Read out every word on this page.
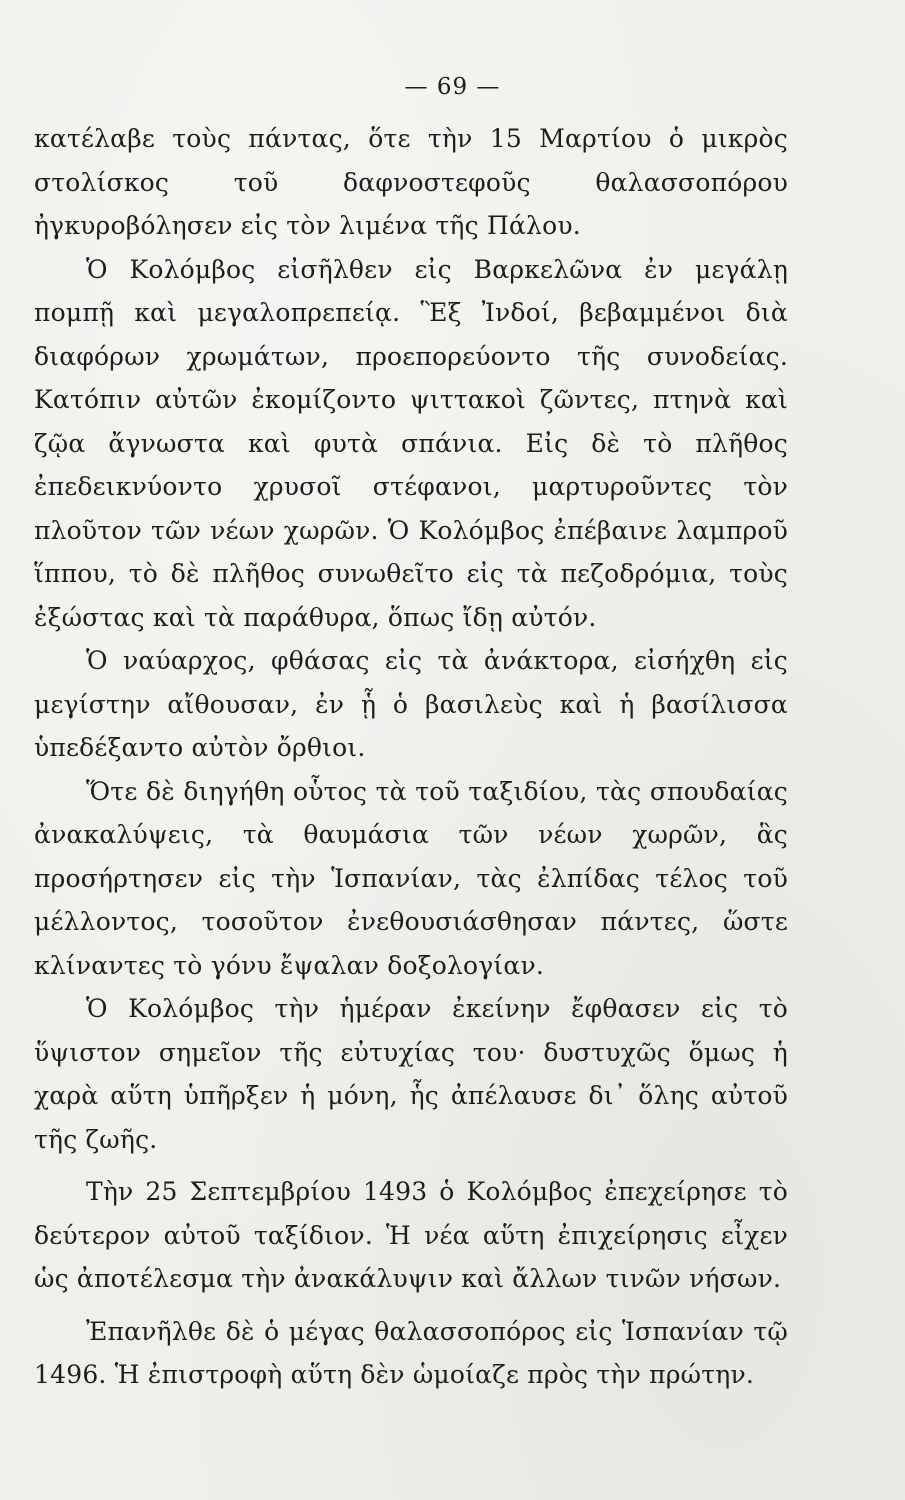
— 69 —

κατέλαβε τοὺς πάντας, ὅτε τὴν 15 Μαρτίου ὁ μικρὸς στολίσκος τοῦ δαφνοστεφοῦς θαλασσοπόρου ἠγκυροβόλησεν εἰς τὸν λιμένα τῆς Πάλου.

Ὁ Κολόμβος εἰσῆλθεν εἰς Βαρκελῶνα ἐν μεγάλῃ πομπῇ καὶ μεγαλοπρεπείᾳ. Ἓξ Ἰνδοί, βεβαμμένοι διὰ διαφόρων χρωμάτων, προεπορεύοντο τῆς συνοδείας. Κατόπιν αὐτῶν ἐκομίζοντο ψιττακοὶ ζῶντες, πτηνὰ καὶ ζῷα ἄγνωστα καὶ φυτὰ σπάνια. Εἰς δὲ τὸ πλῆθος ἐπεδεικνύοντο χρυσοῖ στέφανοι, μαρτυροῦντες τὸν πλοῦτον τῶν νέων χωρῶν. Ὁ Κολόμβος ἐπέβαινε λαμπροῦ ἵππου, τὸ δὲ πλῆθος συνωθεῖτο εἰς τὰ πεζοδρόμια, τοὺς ἐξώστας καὶ τὰ παράθυρα, ὅπως ἴδῃ αὐτόν.

Ὁ ναύαρχος, φθάσας εἰς τὰ ἀνάκτορα, εἰσήχθη εἰς μεγίστην αἴθουσαν, ἐν ᾗ ὁ βασιλεὺς καὶ ἡ βασίλισσα ὑπεδέξαντο αὐτὸν ὄρθιοι.

Ὅτε δὲ διηγήθη οὗτος τὰ τοῦ ταξιδίου, τὰς σπουδαίας ἀνακαλύψεις, τὰ θαυμάσια τῶν νέων χωρῶν, ἃς προσήρτησεν εἰς τὴν Ἱσπανίαν, τὰς ἐλπίδας τέλος τοῦ μέλλοντος, τοσοῦτον ἐνεθουσιάσθησαν πάντες, ὥστε κλίναντες τὸ γόνυ ἔψαλαν δοξολογίαν.

Ὁ Κολόμβος τὴν ἡμέραν ἐκείνην ἔφθασεν εἰς τὸ ὕψιστον σημεῖον τῆς εὐτυχίας του· δυστυχῶς ὅμως ἡ χαρὰ αὕτη ὑπῆρξεν ἡ μόνη, ἧς ἀπέλαυσε δι᾽ ὅλης αὐτοῦ τῆς ζωῆς.

Τὴν 25 Σεπτεμβρίου 1493 ὁ Κολόμβος ἐπεχείρησε τὸ δεύτερον αὐτοῦ ταξίδιον. Ἡ νέα αὕτη ἐπιχείρησις εἶχεν ὡς ἀποτέλεσμα τὴν ἀνακάλυψιν καὶ ἄλλων τινῶν νήσων.

Ἐπανῆλθε δὲ ὁ μέγας θαλασσοπόρος εἰς Ἱσπανίαν τῷ 1496. Ἡ ἐπιστροφὴ αὕτη δὲν ὡμοίαζε πρὸς τὴν πρώτην.
